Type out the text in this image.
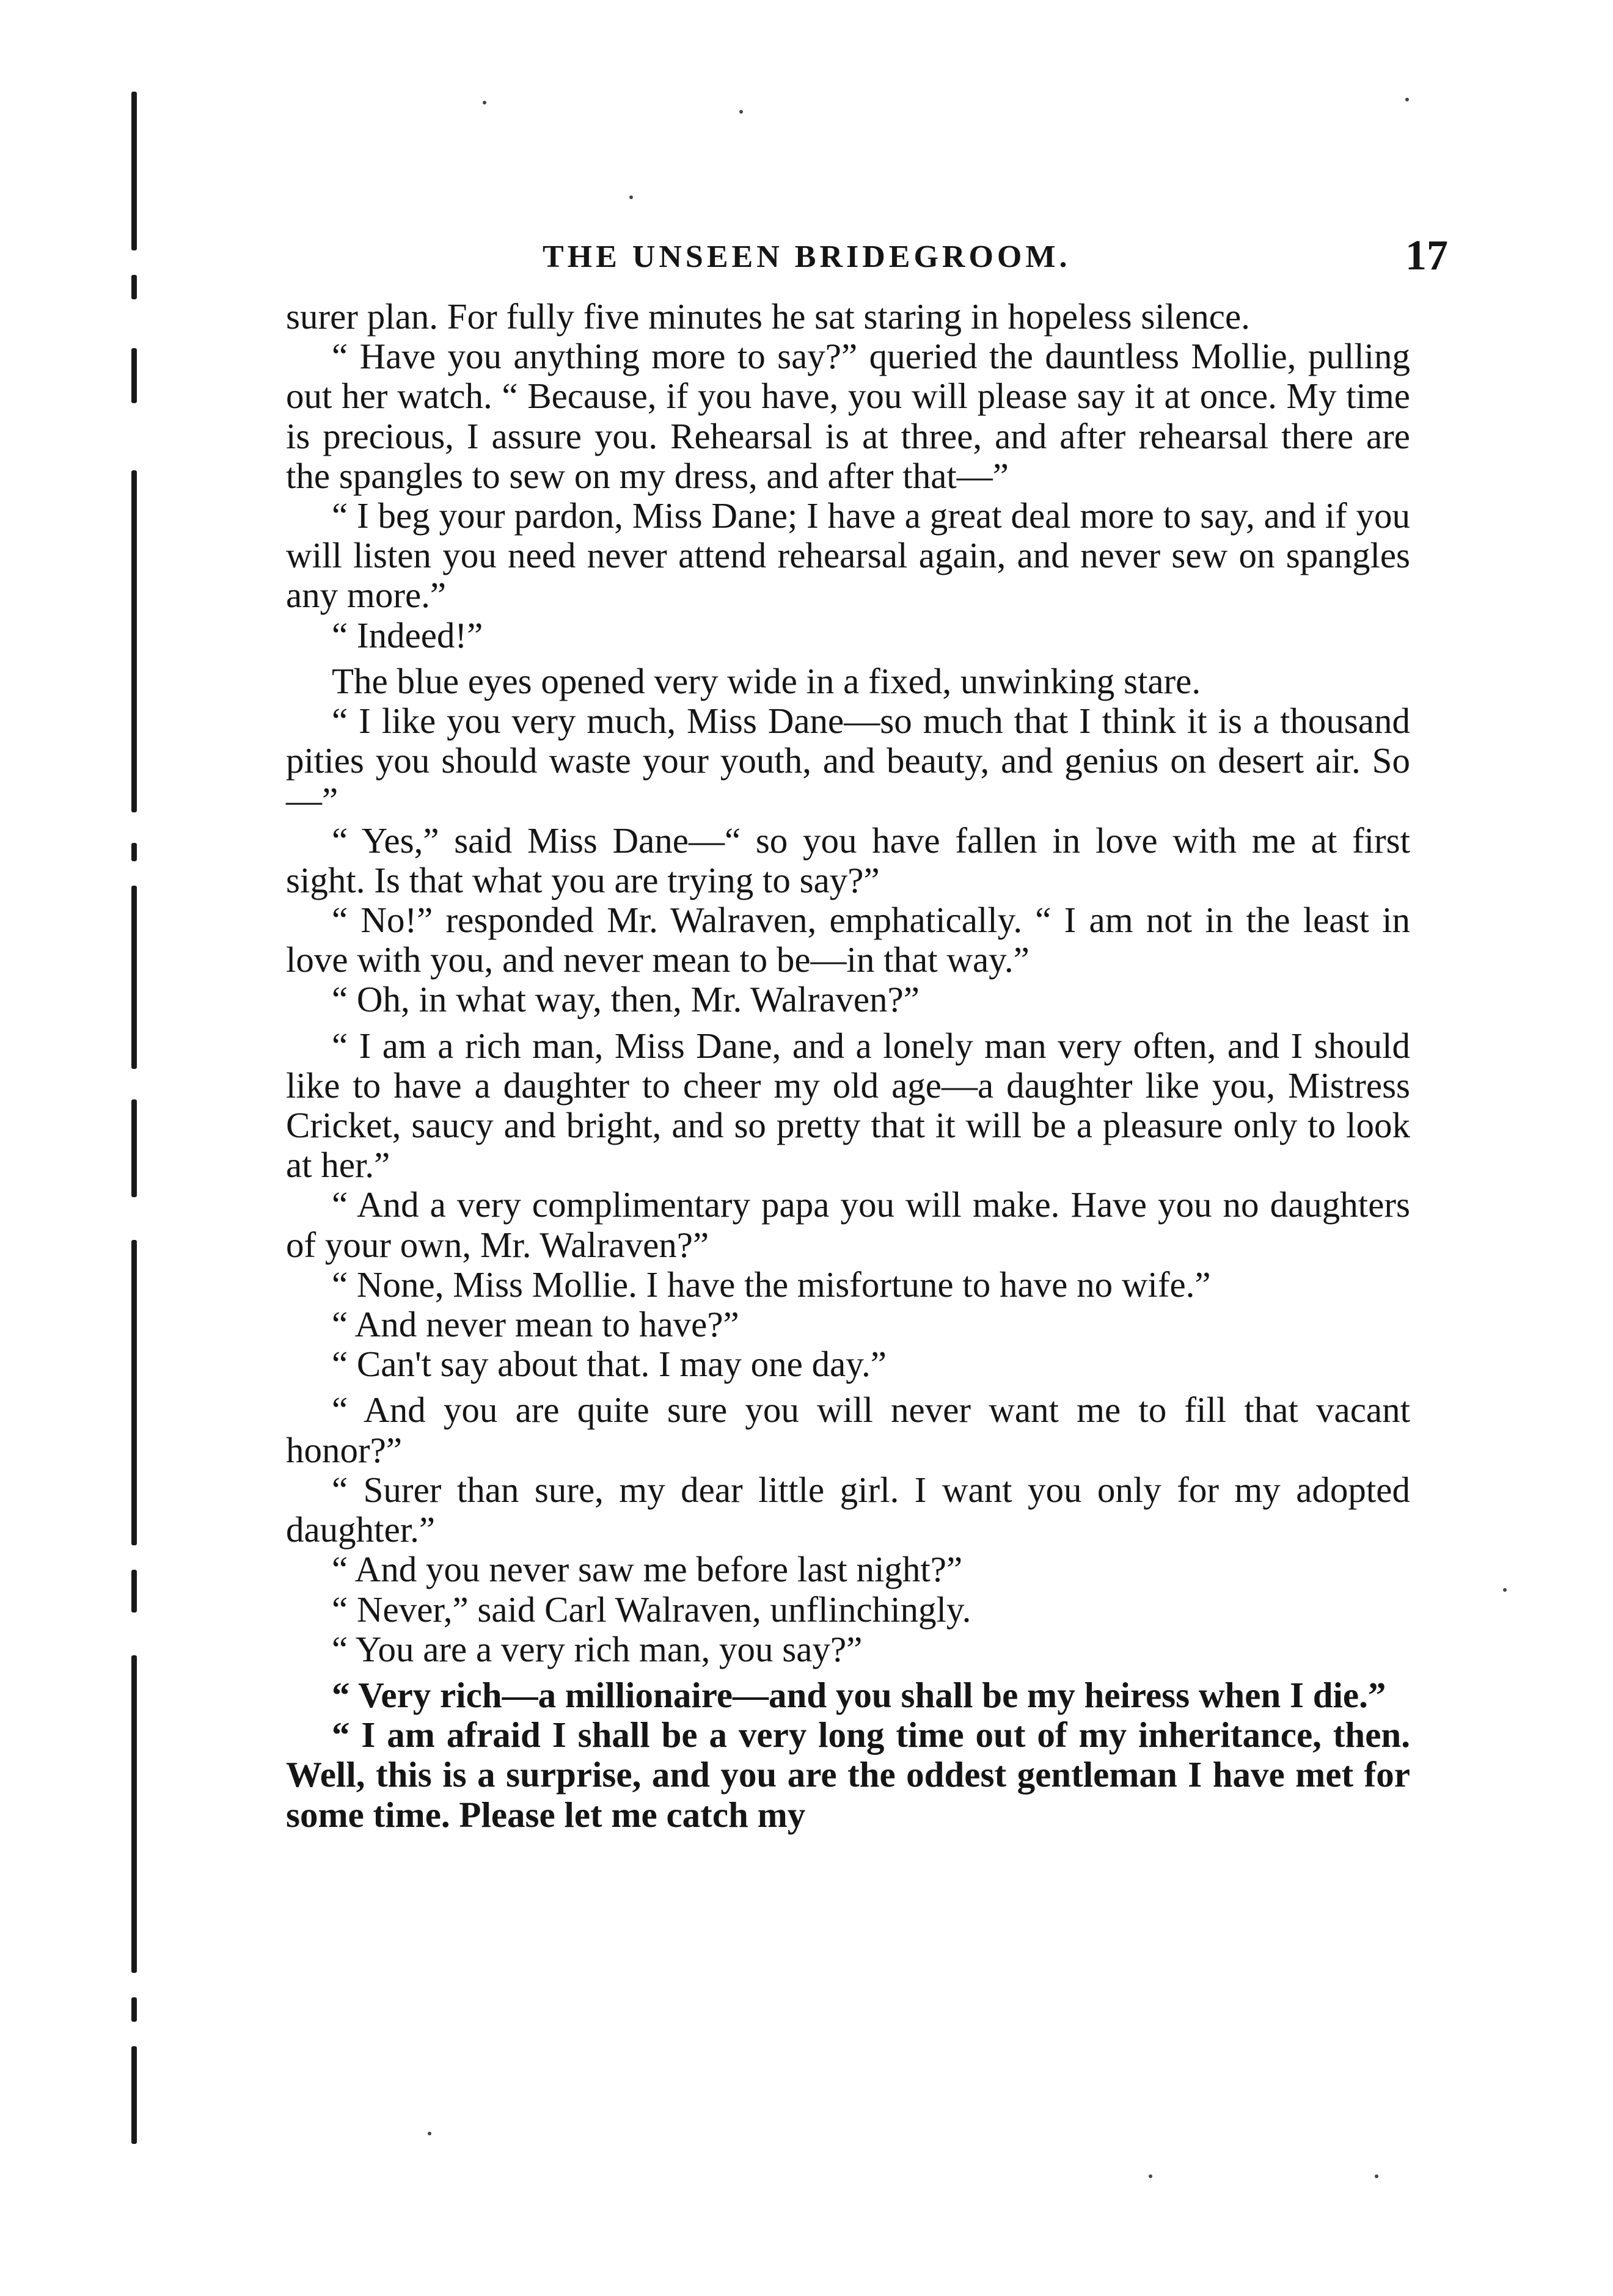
THE UNSEEN BRIDEGROOM.	17

surer plan. For fully five minutes he sat staring in hopeless silence.

“ Have you anything more to say?” queried the dauntless Mollie, pulling out her watch. “ Because, if you have, you will please say it at once. My time is precious, I assure you. Rehearsal is at three, and after rehearsal there are the spangles to sew on my dress, and after that—”

“ I beg your pardon, Miss Dane; I have a great deal more to say, and if you will listen you need never attend rehearsal again, and never sew on spangles any more.”

“ Indeed!”

The blue eyes opened very wide in a fixed, unwinking stare.

“ I like you very much, Miss Dane—so much that I think it is a thousand pities you should waste your youth, and beauty, and genius on desert air. So—”

“ Yes,” said Miss Dane—“ so you have fallen in love with me at first sight. Is that what you are trying to say?”

“ No!” responded Mr. Walraven, emphatically. “ I am not in the least in love with you, and never mean to be—in that way.”

“ Oh, in what way, then, Mr. Walraven?”

“ I am a rich man, Miss Dane, and a lonely man very often, and I should like to have a daughter to cheer my old age—a daughter like you, Mistress Cricket, saucy and bright, and so pretty that it will be a pleasure only to look at her.”

“ And a very complimentary papa you will make. Have you no daughters of your own, Mr. Walraven?”

“ None, Miss Mollie. I have the misfortune to have no wife.”

“ And never mean to have?”

“ Can't say about that. I may one day.”

“ And you are quite sure you will never want me to fill that vacant honor?”

“ Surer than sure, my dear little girl. I want you only for my adopted daughter.”

“ And you never saw me before last night?”

“ Never,” said Carl Walraven, unflinchingly.

“ You are a very rich man, you say?”

“ Very rich—a millionaire—and you shall be my heiress when I die.”

“ I am afraid I shall be a very long time out of my inheritance, then. Well, this is a surprise, and you are the oddest gentleman I have met for some time. Please let me catch my
